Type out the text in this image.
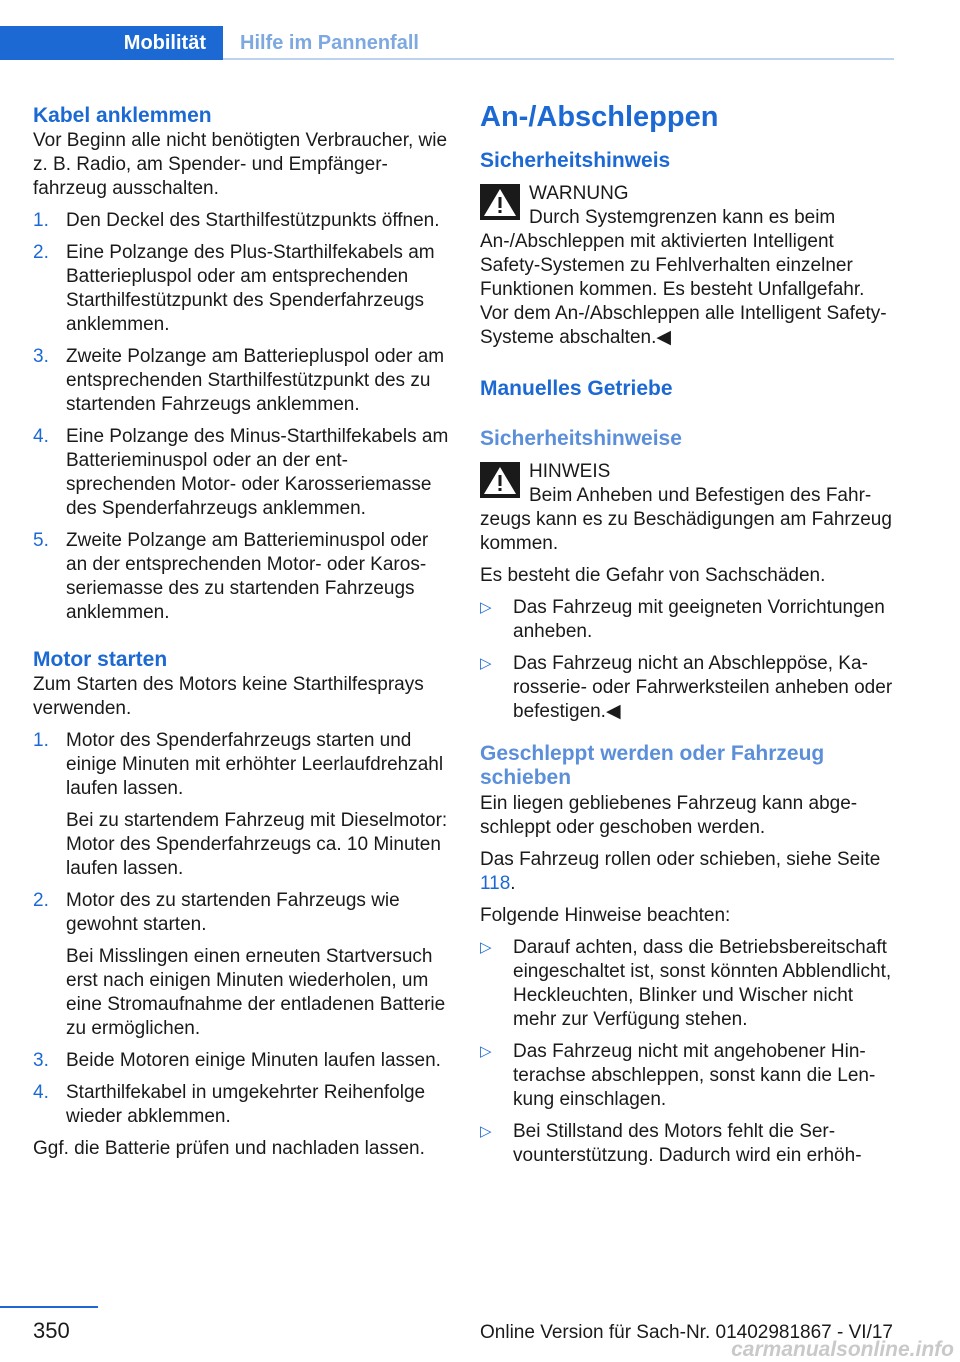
Mobilität	Hilfe im Pannenfall
Kabel anklemmen

Vor Beginn alle nicht benötigten Verbraucher, wie z. B. Radio, am Spender- und Empfängerfahrzeug ausschalten.

1. Den Deckel des Starthilfestützpunkts öffnen.
2. Eine Polzange des Plus-Starthilfekabels am Batteriepluspol oder am entsprechenden Starthilfestützpunkt des Spenderfahrzeugs anklemmen.
3. Zweite Polzange am Batteriepluspol oder am entsprechenden Starthilfestützpunkt des zu startenden Fahrzeugs anklemmen.
4. Eine Polzange des Minus-Starthilfekabels am Batterieminuspol oder an der entsprechenden Motor- oder Karosseriemasse des Spenderfahrzeugs anklemmen.
5. Zweite Polzange am Batterieminuspol oder an der entsprechenden Motor- oder Karosseriemasse des zu startenden Fahrzeugs anklemmen.
Motor starten

Zum Starten des Motors keine Starthilfesprays verwenden.

1. Motor des Spenderfahrzeugs starten und einige Minuten mit erhöhter Leerlaufdrehzahl laufen lassen.

Bei zu startendem Fahrzeug mit Dieselmotor: Motor des Spenderfahrzeugs ca. 10 Minuten laufen lassen.

2. Motor des zu startenden Fahrzeugs wie gewohnt starten.

Bei Misslingen einen erneuten Startversuch erst nach einigen Minuten wiederholen, um eine Stromaufnahme der entladenen Batterie zu ermöglichen.

3. Beide Motoren einige Minuten laufen lassen.
4. Starthilfekabel in umgekehrter Reihenfolge wieder abklemmen.

Ggf. die Batterie prüfen und nachladen lassen.

An-/Abschleppen
Sicherheitshinweis
WARNUNG

Durch Systemgrenzen kann es beim An-/Abschleppen mit aktivierten Intelligent Safety-Systemen zu Fehlverhalten einzelner Funktionen kommen. Es besteht Unfallgefahr. Vor dem An-/Abschleppen alle Intelligent Safety-Systeme abschalten.◀

Manuelles Getriebe
Sicherheitshinweise
HINWEIS

Beim Anheben und Befestigen des Fahrzeugs kann es zu Beschädigungen am Fahrzeug kommen.

Es besteht die Gefahr von Sachschäden.

▷ Das Fahrzeug mit geeigneten Vorrichtungen anheben.
▷ Das Fahrzeug nicht an Abschleppöse, Karosserie- oder Fahrwerksteilen anheben oder befestigen.◀
Geschleppt werden oder Fahrzeug schieben

Ein liegen gebliebenes Fahrzeug kann abgeschleppt oder geschoben werden.

Das Fahrzeug rollen oder schieben, siehe Seite 118.

Folgende Hinweise beachten:

▷ Darauf achten, dass die Betriebsbereitschaft eingeschaltet ist, sonst könnten Abblendlicht, Heckleuchten, Blinker und Wischer nicht mehr zur Verfügung stehen.
▷ Das Fahrzeug nicht mit angehobener Hinterachse abschleppen, sonst kann die Lenkung einschlagen.
▷ Bei Stillstand des Motors fehlt die Servounterstützung. Dadurch wird ein erhöh-
350	Online Version für Sach-Nr. 01402981867 - VI/17
carmanualsonline.info
